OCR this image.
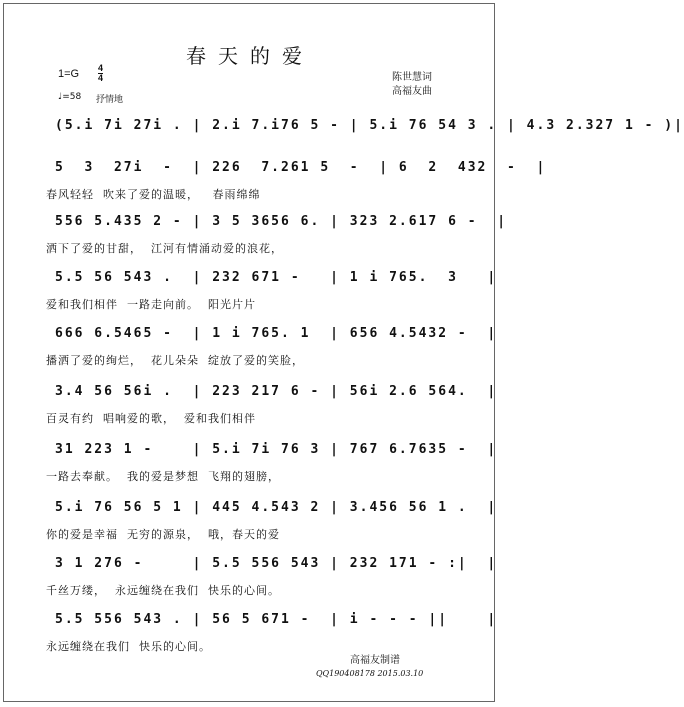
春天的爱
1=G 4
4
♩=58 抒情地
陈世慧词
高福友曲
(5.i 7i 27i . | 2.i 7.i76 5 - | 5.i 76 54 3 . | 4.3 2.327 1 - )|
5  3  27i  -  | 226  7.261 5  -  | 6  2  432  -  |
春风轻轻  吹来了爱的温暖，   春雨绵绵
556 5.435 2 - | 3 5 3656 6. | 323 2.617 6 -  |
洒下了爱的甘甜，  江河有情涌动爱的浪花，
5.5 56 543 .  | 232 671 -   | 1 i 765.  3   |
爱和我们相伴  一路走向前。  阳光片片
666 6.5465 -  | 1 i 765. 1  | 656 4.5432 -  |
播洒了爱的绚烂，  花儿朵朵  绽放了爱的笑脸，
3.4 56 56i .  | 223 217 6 - | 56i 2.6 564.  |
百灵有约  唱响爱的歌，  爱和我们相伴
31 223 1 -    | 5.i 7i 76 3 | 767 6.7635 -  |
一路去奉献。  我的爱是梦想  飞翔的翅膀，
5.i 76 56 5 1 | 445 4.543 2 | 3.456 56 1 .  |
你的爱是幸福  无穷的源泉，  哦，春天的爱
3 1 276 -     | 5.5 556 543 | 232 171 - :|  |
千丝万缕，  永远缠绕在我们  快乐的心间。
5.5 556 543 . | 56 5 671 -  | i - - - ||    |
永远缠绕在我们  快乐的心间。
高福友制谱
QQ190408178 2015.03.10
